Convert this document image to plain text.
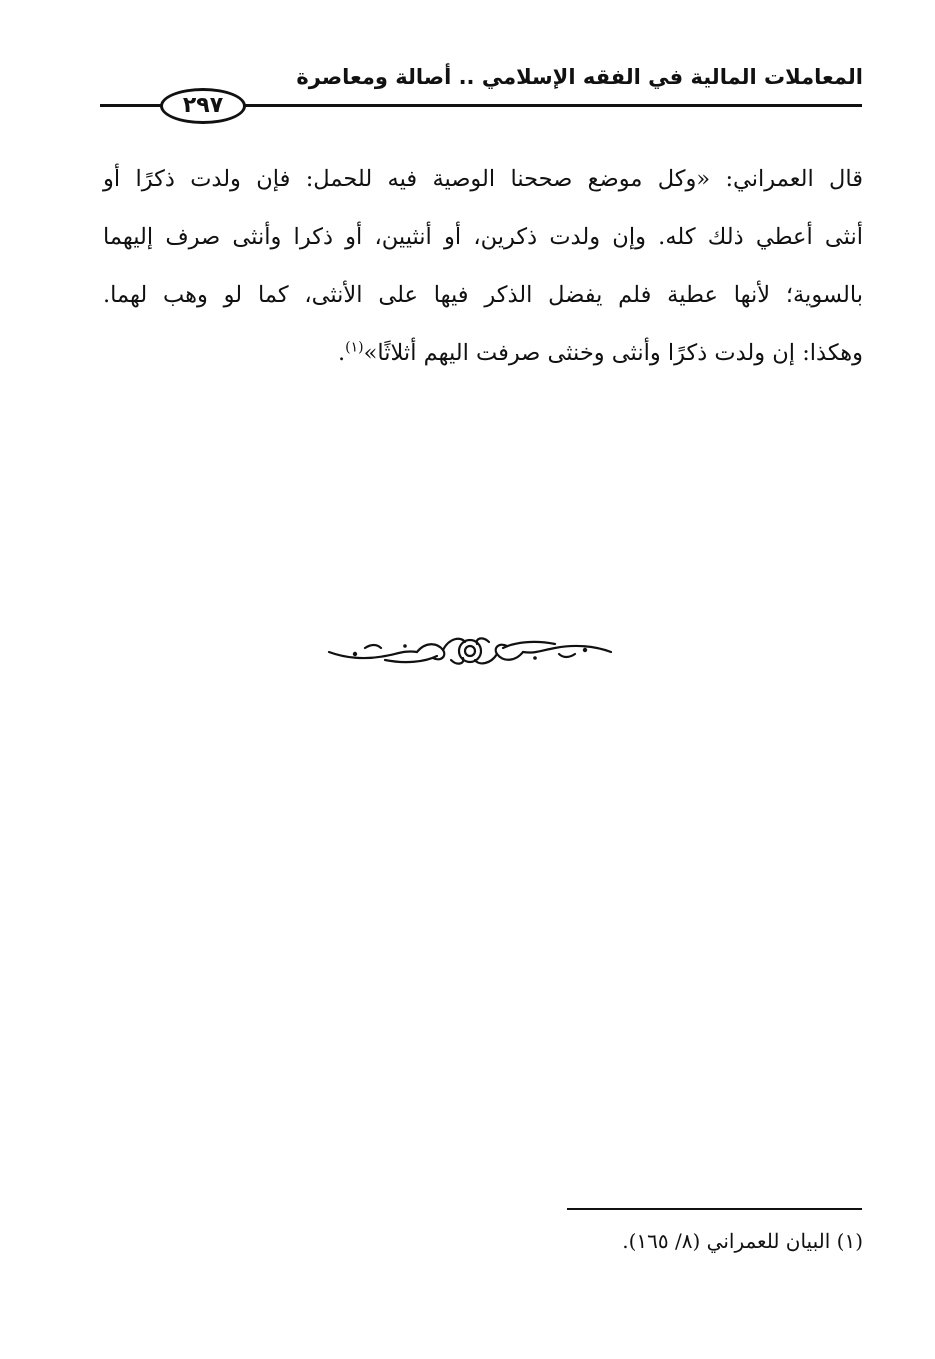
المعاملات المالية في الفقه الإسلامي .. أصالة ومعاصرة
٢٩٧
قال العمراني: «وكل موضع صححنا الوصية فيه للحمل: فإن ولدت ذكرًا أو
أنثى أعطي ذلك كله. وإن ولدت ذكرين، أو أنثيين، أو ذكرا وأنثى صرف إليهما
بالسوية؛ لأنها عطية فلم يفضل الذكر فيها على الأنثى، كما لو وهب لهما.
وهكذا: إن ولدت ذكرًا وأنثى وخنثى صرفت اليهم أثلاثًا»$^{(١)}$.
(١) البيان للعمراني (٨/ ١٦٥).
